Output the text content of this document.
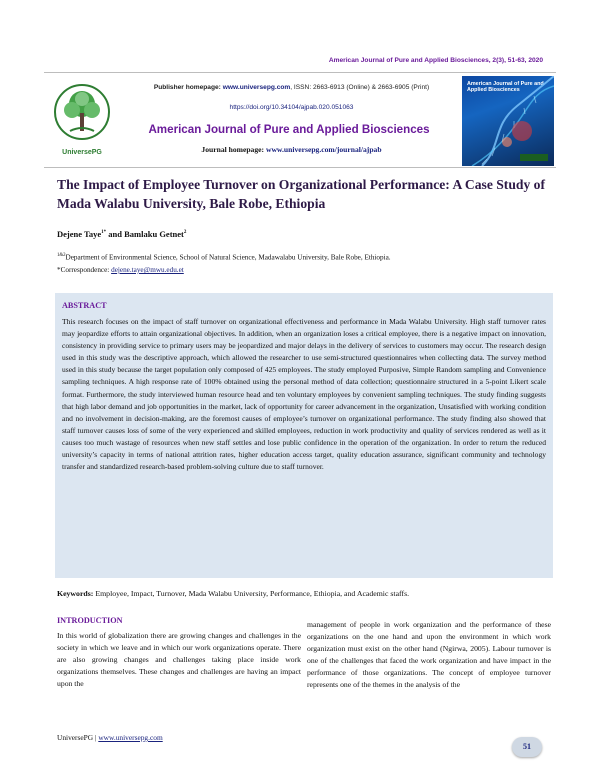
American Journal of Pure and Applied Biosciences, 2(3), 51-63, 2020
UniversePG
Publisher homepage: www.universepg.com, ISSN: 2663-6913 (Online) & 2663-6905 (Print)
https://doi.org/10.34104/ajpab.020.051063
American Journal of Pure and Applied Biosciences
Journal homepage: www.universepg.com/journal/ajpab
American Journal of Pure and Applied Biosciences
The Impact of Employee Turnover on Organizational Performance: A Case Study of Mada Walabu University, Bale Robe, Ethiopia
Dejene Taye$^{1*}$ and Bamlaku Getnet$^2$
$^{1\&2}$Department of Environmental Science, School of Natural Science, Madawalabu University, Bale Robe, Ethiopia.
*Correspondence: dejene.taye@mwu.edu.et
ABSTRACT
This research focuses on the impact of staff turnover on organizational effectiveness and performance in Mada Walabu University. High staff turnover rates may jeopardize efforts to attain organizational objectives. In addition, when an organization loses a critical employee, there is a negative impact on innovation, consistency in providing service to primary users may be jeopardized and major delays in the delivery of services to customers may occur. The research design used in this study was the descriptive approach, which allowed the researcher to use semi-structured questionnaires when collecting data. The survey method used in this study because the target population only composed of 425 employees. The study employed Purposive, Simple Random sampling and Convenience sampling techniques. A high response rate of 100% obtained using the personal method of data collection; questionnaire structured in a 5-point Likert scale format. Furthermore, the study interviewed human resource head and ten voluntary employees by convenient sampling techniques. The study finding suggests that high labor demand and job opportunities in the market, lack of opportunity for career advancement in the organization, Unsatisfied with working condition and no involvement in decision-making, are the foremost causes of employee’s turnover on organizational performance. The study finding also showed that staff turnover causes loss of some of the very experienced and skilled employees, reduction in work productivity and quality of services rendered as well as it causes too much wastage of resources when new staff settles and lose public confidence in the operation of the organization. In order to return the reduced university’s capacity in terms of national attrition rates, higher education access target, quality education assurance, significant community and technology transfer and standardized research-based problem-solving culture due to staff turnover.
Keywords: Employee, Impact, Turnover, Mada Walabu University, Performance, Ethiopia, and Academic staffs.
INTRODUCTION
In this world of globalization there are growing changes and challenges in the society in which we leave and in which our work organizations operate. There are also growing changes and challenges taking place inside work organizations themselves. These changes and challenges are having an impact upon the
management of people in work organization and the performance of these organizations on the one hand and upon the environment in which work organization must exist on the other hand (Ngirwa, 2005). Labour turnover is one of the challenges that faced the work organization and have impact in the performance of those organizations. The concept of employee turnover represents one of the themes in the analysis of the
UniversePG | www.universepg.com
51
